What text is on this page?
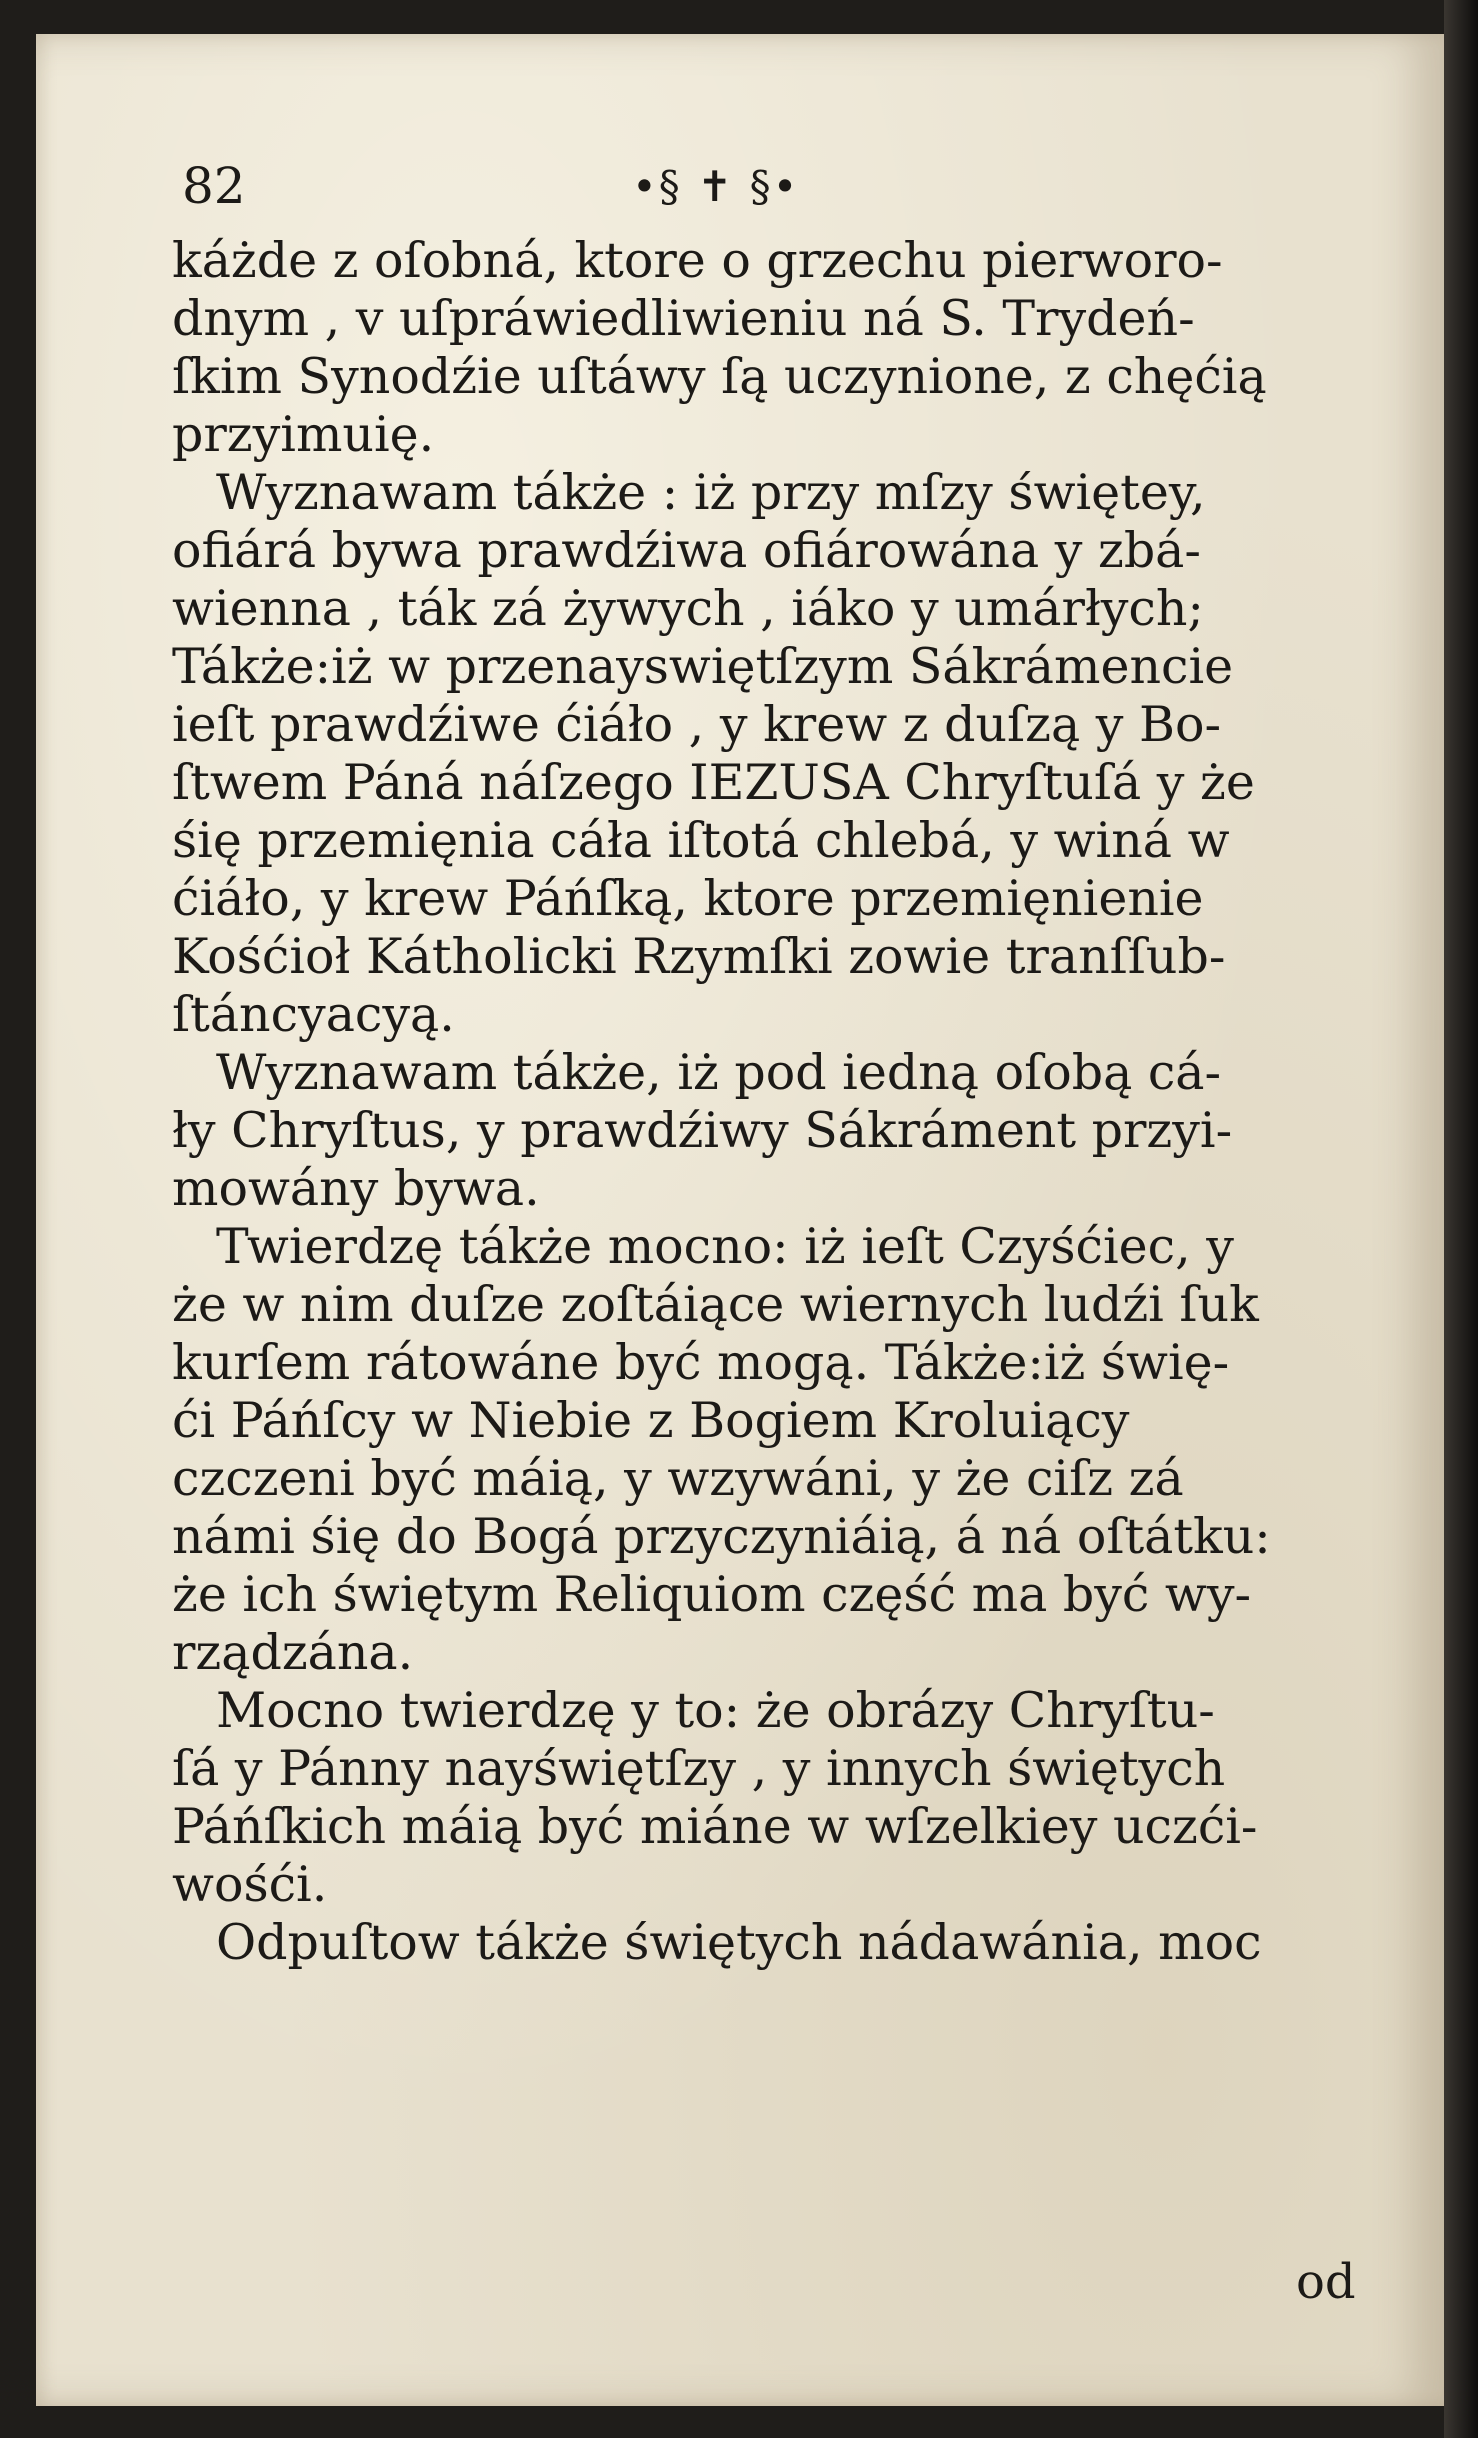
82	•§ ✝ §•
káżde z oſobná, ktore o grzechu pierworo-
dnym , v uſpráwiedliwieniu ná S. Trydeń-
ſkim Synodźie uſtáwy ſą uczynione, z chęćią
przyimuię.
Wyznawam tákże : iż przy mſzy świętey,
ofiárá bywa prawdźiwa ofiárowána y zbá-
wienna , ták zá żywych , iáko y umárłych;
Tákże:iż w przenayswiętſzym Sákrámencie
ieſt prawdźiwe ćiáło , y krew z duſzą y Bo-
ſtwem Páná náſzego IEZUSA Chryſtuſá y że
śię przemięnia cáła iſtotá chlebá, y winá w
ćiáło, y krew Páńſką, ktore przemięnienie
Kośćioł Kátholicki Rzymſki zowie tranſſub-
ſtáncyacyą.
Wyznawam tákże, iż pod iedną oſobą cá-
ły Chryſtus, y prawdźiwy Sákráment przyi-
mowány bywa.
Twierdzę tákże mocno: iż ieſt Czyśćiec, y
że w nim duſze zoſtáiące wiernych ludźi ſuk
kurſem rátowáne być mogą. Tákże:iż świę-
ći Páńſcy w Niebie z Bogiem Kroluiący
czczeni być máią, y wzywáni, y że ciſz zá
námi śię do Bogá przyczyniáią, á ná oſtátku:
że ich świętym Reliquiom część ma być wy-
rządzána.
Mocno twierdzę y to: że obrázy Chryſtu-
ſá y Pánny nayświętſzy , y innych świętych
Páńſkich máią być miáne w wſzelkiey uczći-
wośći.
Odpuſtow tákże świętych nádawánia, moc
od
